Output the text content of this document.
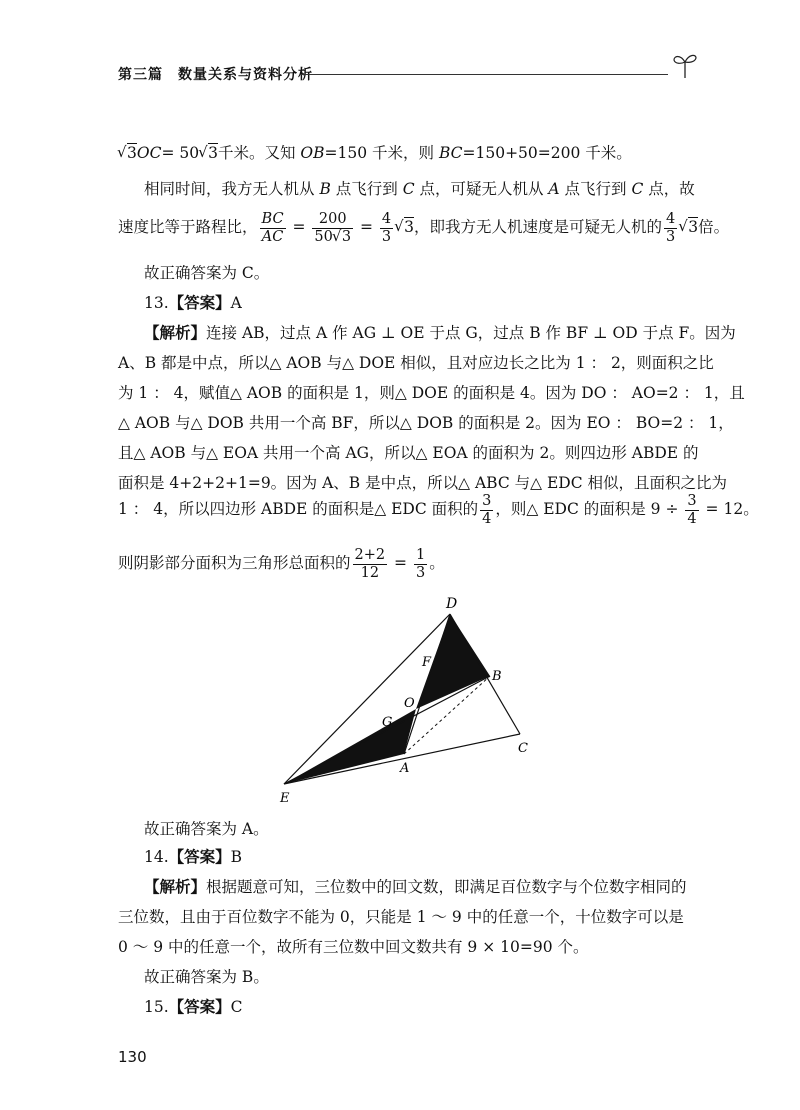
第三篇　数量关系与资料分析
√ 3OC= 50 √ 3千米。又知 OB=150 千米，则 BC=150+50=200 千米。
相同时间，我方无人机从 B 点飞行到 C 点，可疑无人机从 A 点飞行到 C 点，故
速度比等于路程比， $\frac{BC}{AC} = \frac{200}{50 √ 3} = \frac{4}{3}$ √ 3，即我方无人机速度是可疑无人机的 $\frac{4}{3}$ √ 3倍。
故正确答案为 C。
13.【答案】A
【解析】连接 AB，过点 A 作 AG ⊥ OE 于点 G，过点 B 作 BF ⊥ OD 于点 F。因为
A、B 都是中点，所以△ AOB 与△ DOE 相似，且对应边长之比为 1 ： 2，则面积之比
为 1 ： 4，赋值△ AOB 的面积是 1，则△ DOE 的面积是 4。因为 DO ： AO=2 ： 1，且
△ AOB 与△ DOB 共用一个高 BF，所以△ DOB 的面积是 2。因为 EO ： BO=2 ： 1，
且△ AOB 与△ EOA 共用一个高 AG，所以△ EOA 的面积为 2。则四边形 ABDE 的
面积是 4+2+2+1=9。因为 A、B 是中点，所以△ ABC 与△ EDC 相似，且面积之比为
1 ： 4，所以四边形 ABDE 的面积是△ EDC 面积的 $\frac{3}{4}$ ，则△ EDC 的面积是 $9 \div \frac{3}{4} = 12$。
则阴影部分面积为三角形总面积的 $\frac{2+2}{12} = \frac{1}{3}$ 。
D
F
B
O
G
C
A
E
故正确答案为 A。
14.【答案】B
【解析】根据题意可知，三位数中的回文数，即满足百位数字与个位数字相同的
三位数，且由于百位数字不能为 0，只能是 1 ～ 9 中的任意一个，十位数字可以是
0 ～ 9 中的任意一个，故所有三位数中回文数共有 9 × 10=90 个。
故正确答案为 B。
15.【答案】C
130
